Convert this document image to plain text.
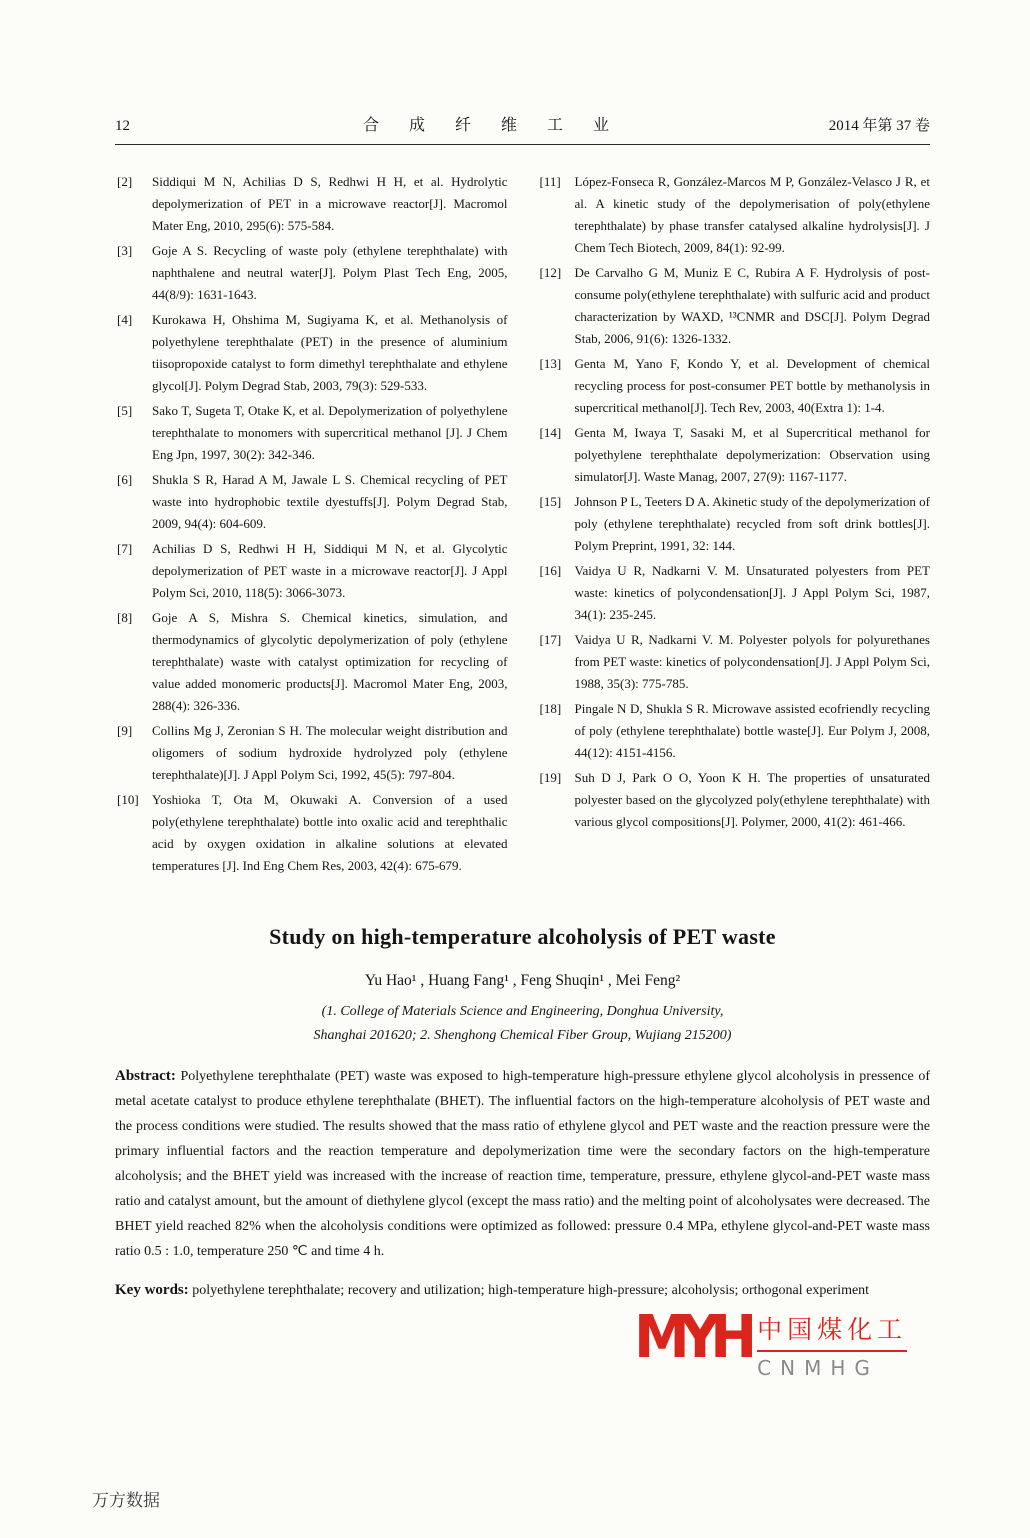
12	合 成 纤 维 工 业	2014 年第 37 卷
[2] Siddiqui M N, Achilias D S, Redhwi H H, et al. Hydrolytic depolymerization of PET in a microwave reactor[J]. Macromol Mater Eng, 2010, 295(6): 575-584.
[3] Goje A S. Recycling of waste poly (ethylene terephthalate) with naphthalene and neutral water[J]. Polym Plast Tech Eng, 2005, 44(8/9): 1631-1643.
[4] Kurokawa H, Ohshima M, Sugiyama K, et al. Methanolysis of polyethylene terephthalate (PET) in the presence of aluminium tiisopropoxide catalyst to form dimethyl terephthalate and ethylene glycol[J]. Polym Degrad Stab, 2003, 79(3): 529-533.
[5] Sako T, Sugeta T, Otake K, et al. Depolymerization of polyethylene terephthalate to monomers with supercritical methanol [J]. J Chem Eng Jpn, 1997, 30(2): 342-346.
[6] Shukla S R, Harad A M, Jawale L S. Chemical recycling of PET waste into hydrophobic textile dyestuffs[J]. Polym Degrad Stab, 2009, 94(4): 604-609.
[7] Achilias D S, Redhwi H H, Siddiqui M N, et al. Glycolytic depolymerization of PET waste in a microwave reactor[J]. J Appl Polym Sci, 2010, 118(5): 3066-3073.
[8] Goje A S, Mishra S. Chemical kinetics, simulation, and thermodynamics of glycolytic depolymerization of poly (ethylene terephthalate) waste with catalyst optimization for recycling of value added monomeric products[J]. Macromol Mater Eng, 2003, 288(4): 326-336.
[9] Collins Mg J, Zeronian S H. The molecular weight distribution and oligomers of sodium hydroxide hydrolyzed poly (ethylene terephthalate)[J]. J Appl Polym Sci, 1992, 45(5): 797-804.
[10] Yoshioka T, Ota M, Okuwaki A. Conversion of a used poly(ethylene terephthalate) bottle into oxalic acid and terephthalic acid by oxygen oxidation in alkaline solutions at elevated temperatures [J]. Ind Eng Chem Res, 2003, 42(4): 675-679.
[11] López-Fonseca R, González-Marcos M P, González-Velasco J R, et al. A kinetic study of the depolymerisation of poly(ethylene terephthalate) by phase transfer catalysed alkaline hydrolysis[J]. J Chem Tech Biotech, 2009, 84(1): 92-99.
[12] De Carvalho G M, Muniz E C, Rubira A F. Hydrolysis of post-consume poly(ethylene terephthalate) with sulfuric acid and product characterization by WAXD, ¹³CNMR and DSC[J]. Polym Degrad Stab, 2006, 91(6): 1326-1332.
[13] Genta M, Yano F, Kondo Y, et al. Development of chemical recycling process for post-consumer PET bottle by methanolysis in supercritical methanol[J]. Tech Rev, 2003, 40(Extra 1): 1-4.
[14] Genta M, Iwaya T, Sasaki M, et al Supercritical methanol for polyethylene terephthalate depolymerization: Observation using simulator[J]. Waste Manag, 2007, 27(9): 1167-1177.
[15] Johnson P L, Teeters D A. Akinetic study of the depolymerization of poly (ethylene terephthalate) recycled from soft drink bottles[J]. Polym Preprint, 1991, 32: 144.
[16] Vaidya U R, Nadkarni V. M. Unsaturated polyesters from PET waste: kinetics of polycondensation[J]. J Appl Polym Sci, 1987, 34(1): 235-245.
[17] Vaidya U R, Nadkarni V. M. Polyester polyols for polyurethanes from PET waste: kinetics of polycondensation[J]. J Appl Polym Sci, 1988, 35(3): 775-785.
[18] Pingale N D, Shukla S R. Microwave assisted ecofriendly recycling of poly (ethylene terephthalate) bottle waste[J]. Eur Polym J, 2008, 44(12): 4151-4156.
[19] Suh D J, Park O O, Yoon K H. The properties of unsaturated polyester based on the glycolyzed poly(ethylene terephthalate) with various glycol compositions[J]. Polymer, 2000, 41(2): 461-466.
Study on high-temperature alcoholysis of PET waste
Yu Hao¹ , Huang Fang¹ , Feng Shuqin¹ , Mei Feng²
(1. College of Materials Science and Engineering, Donghua University,
Shanghai 201620; 2. Shenghong Chemical Fiber Group, Wujiang 215200)

Abstract: Polyethylene terephthalate (PET) waste was exposed to high-temperature high-pressure ethylene glycol alcoholysis in pressence of metal acetate catalyst to produce ethylene terephthalate (BHET). The influential factors on the high-temperature alcoholysis of PET waste and the process conditions were studied. The results showed that the mass ratio of ethylene glycol and PET waste and the reaction pressure were the primary influential factors and the reaction temperature and depolymerization time were the secondary factors on the high-temperature alcoholysis; and the BHET yield was increased with the increase of reaction time, temperature, pressure, ethylene glycol-and-PET waste mass ratio and catalyst amount, but the amount of diethylene glycol (except the mass ratio) and the melting point of alcoholysates were decreased. The BHET yield reached 82% when the alcoholysis conditions were optimized as followed: pressure 0.4 MPa, ethylene glycol-and-PET waste mass ratio 0.5 : 1.0, temperature 250 ℃ and time 4 h.

Key words: polyethylene terephthalate; recovery and utilization; high-temperature high-pressure; alcoholysis; orthogonal experiment

MYH 中国煤化工
CNMHG
万方数据
